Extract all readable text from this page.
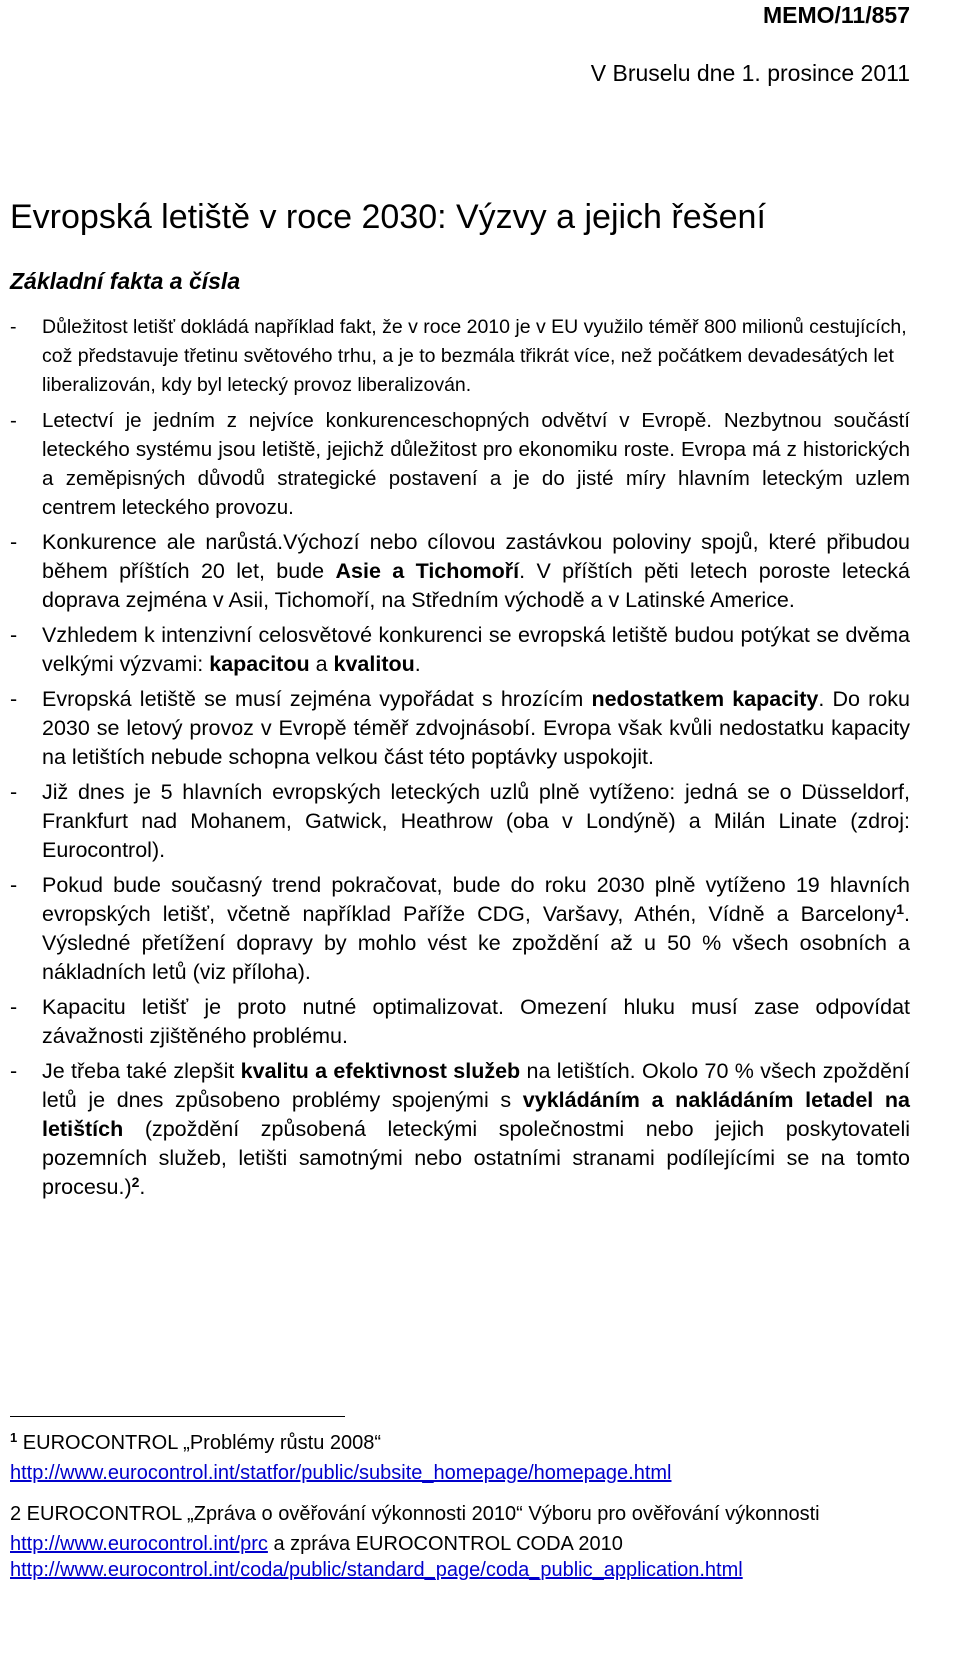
MEMO/11/857
V Bruselu dne 1. prosince 2011
Evropská letiště v roce 2030: Výzvy a jejich řešení
Základní fakta a čísla
- Důležitost letišť dokládá například fakt, že v roce 2010 je v EU využilo téměř 800 milionů cestujících, což představuje třetinu světového trhu, a je to bezmála třikrát více, než počátkem devadesátých let liberalizován, kdy byl letecký provoz liberalizován.
- Letectví je jedním z nejvíce konkurenceschopných odvětví v Evropě. Nezbytnou součástí leteckého systému jsou letiště, jejichž důležitost pro ekonomiku roste. Evropa má z historických a zeměpisných důvodů strategické postavení a je do jisté míry hlavním leteckým uzlem centrem leteckého provozu.
- Konkurence ale narůstá.Výchozí nebo cílovou zastávkou poloviny spojů, které přibudou během příštích 20 let, bude Asie a Tichomoří. V příštích pěti letech poroste letecká doprava zejména v Asii, Tichomoří, na Středním východě a v Latinské Americe.
- Vzhledem k intenzivní celosvětové konkurenci se evropská letiště budou potýkat se dvěma velkými výzvami: kapacitou a kvalitou.
- Evropská letiště se musí zejména vypořádat s hrozícím nedostatkem kapacity. Do roku 2030 se letový provoz v Evropě téměř zdvojnásobí. Evropa však kvůli nedostatku kapacity na letištích nebude schopna velkou část této poptávky uspokojit.
- Již dnes je 5 hlavních evropských leteckých uzlů plně vytíženo: jedná se o Düsseldorf, Frankfurt nad Mohanem, Gatwick, Heathrow (oba v Londýně) a Milán Linate (zdroj: Eurocontrol).
- Pokud bude současný trend pokračovat, bude do roku 2030 plně vytíženo 19 hlavních evropských letišť, včetně například Paříže CDG, Varšavy, Athén, Vídně a Barcelony$^1$. Výsledné přetížení dopravy by mohlo vést ke zpoždění až u 50 % všech osobních a nákladních letů (viz příloha).
- Kapacitu letišť je proto nutné optimalizovat. Omezení hluku musí zase odpovídat závažnosti zjištěného problému.
- Je třeba také zlepšit kvalitu a efektivnost služeb na letištích. Okolo 70 % všech zpoždění letů je dnes způsobeno problémy spojenými s vykládáním a nakládáním letadel na letištích (zpoždění způsobená leteckými společnostmi nebo jejich poskytovateli pozemních služeb, letišti samotnými nebo ostatními stranami podílejícími se na tomto procesu.)$^2$.
$^1$ EUROCONTROL „Problémy růstu 2008“
http://www.eurocontrol.int/statfor/public/subsite_homepage/homepage.html
2 EUROCONTROL „Zpráva o ověřování výkonnosti 2010“ Výboru pro ověřování výkonnosti
http://www.eurocontrol.int/prc a zpráva EUROCONTROL CODA 2010
http://www.eurocontrol.int/coda/public/standard_page/coda_public_application.html
